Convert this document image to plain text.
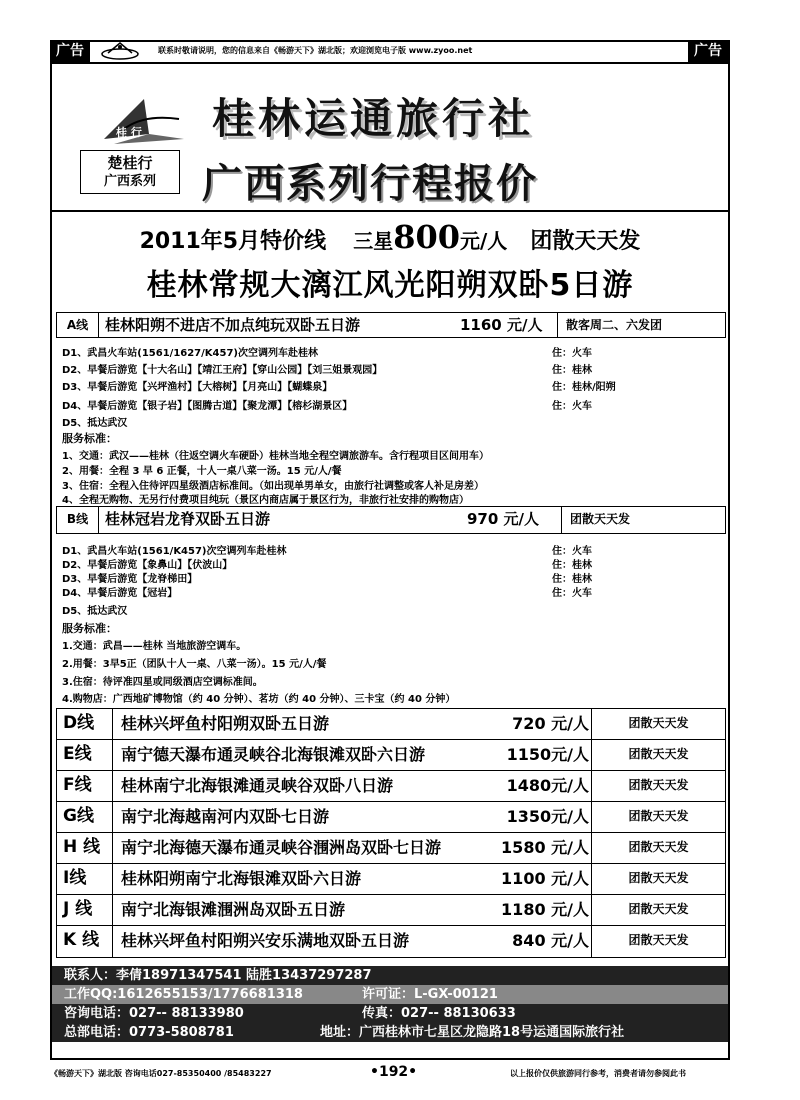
广告	联系时敬请说明，您的信息来自《畅游天下》湖北版；欢迎浏览电子版 www.zyoo.net	广告
桂 行 桂林运通旅行社
楚桂行
广西系列	广西系列行程报价
2011年5月特价线 三星800元/人 团散天天发
桂林常规大漓江风光阳朔双卧5日游
A线	桂林阳朔不进店不加点纯玩双卧五日游	1160 元/人	散客周二、六发团
D1、武昌火车站(1561/1627/K457)次空调列车赴桂林	住：火车
D2、早餐后游览【十大名山】【靖江王府】【穿山公园】【刘三姐景观园】	住：桂林
D3、早餐后游览【兴坪渔村】【大榕树】【月亮山】【蝴蝶泉】	住：桂林/阳朔
D4、早餐后游览【银子岩】【图腾古道】【聚龙潭】【榕杉湖景区】	住：火车
D5、抵达武汉
服务标准：
1、交通：武汉——桂林（往返空调火车硬卧）桂林当地全程空调旅游车。含行程项目区间用车）
2、用餐：全程 3 早 6 正餐，十人一桌八菜一汤。15 元/人/餐
3、住宿：全程入住待评四星级酒店标准间。（如出现单男单女，由旅行社调整或客人补足房差）
4、全程无购物、无另行付费项目纯玩（景区内商店属于景区行为，非旅行社安排的购物店）
B线	桂林冠岩龙脊双卧五日游	970 元/人	团散天天发
D1、武昌火车站(1561/K457)次空调列车赴桂林	住：火车
D2、早餐后游览【象鼻山】【伏波山】	住：桂林
D3、早餐后游览【龙脊梯田】	住：桂林
D4、早餐后游览【冠岩】	住：火车
D5、抵达武汉
服务标准：
1.交通：武昌——桂林 当地旅游空调车。
2.用餐：3早5正（团队十人一桌、八菜一汤）。15 元/人/餐
3.住宿：待评准四星或同级酒店空调标准间。
4.购物店：广西地矿博物馆（约 40 分钟）、茗坊（约 40 分钟）、三卡宝（约 40 分钟）
D线	桂林兴坪鱼村阳朔双卧五日游	720 元/人	团散天天发
E线	南宁德天瀑布通灵峡谷北海银滩双卧六日游	1150元/人	团散天天发
F线	桂林南宁北海银滩通灵峡谷双卧八日游	1480元/人	团散天天发
G线	南宁北海越南河内双卧七日游	1350元/人	团散天天发
H 线	南宁北海德天瀑布通灵峡谷涠洲岛双卧七日游	1580 元/人	团散天天发
I线	桂林阳朔南宁北海银滩双卧六日游	1100 元/人	团散天天发
J 线	南宁北海银滩涠洲岛双卧五日游	1180 元/人	团散天天发
K 线	桂林兴坪鱼村阳朔兴安乐满地双卧五日游	840 元/人	团散天天发
联系人：李倩18971347541 陆胜13437297287
工作QQ:1612655153/1776681318	许可证：L-GX-00121
咨询电话：027-- 88133980	传真：027-- 88130633
总部电话：0773-5808781	地址：广西桂林市七星区龙隐路18号运通国际旅行社
《畅游天下》湖北版 咨询电话027-85350400 /85483227	•192•	以上报价仅供旅游同行参考，消费者请勿参阅此书
